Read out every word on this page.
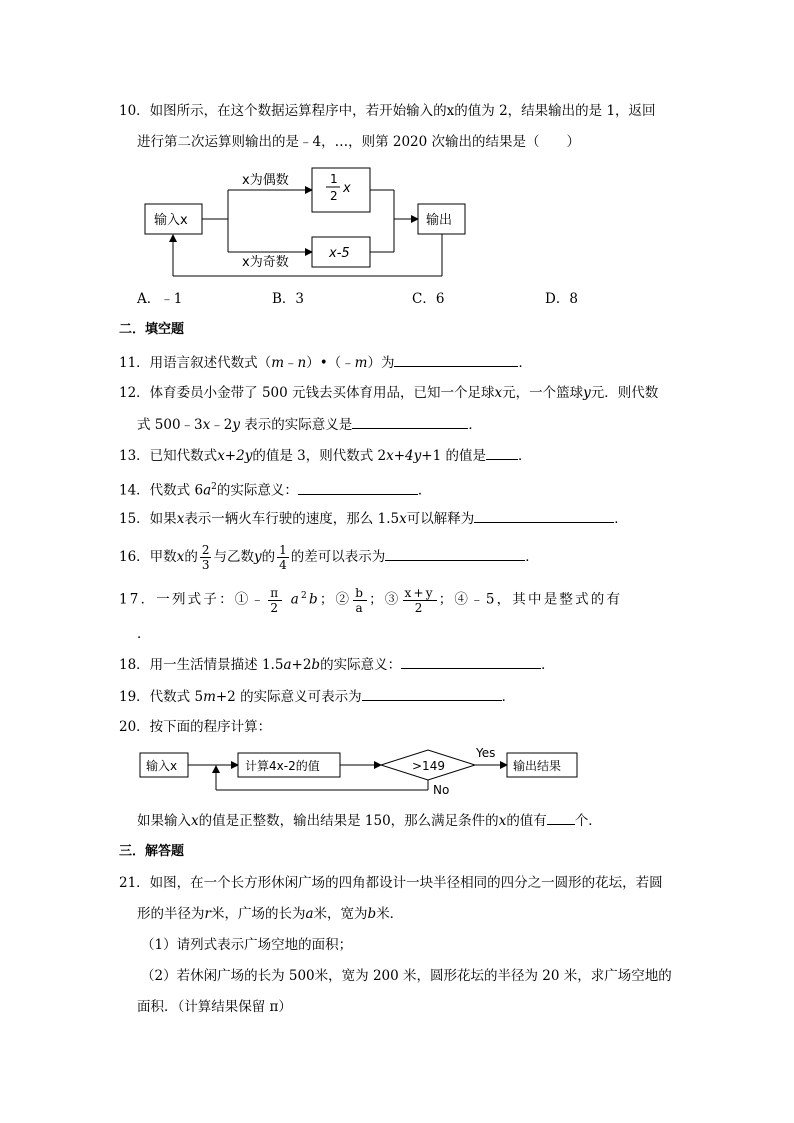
10．如图所示，在这个数据运算程序中，若开始输入的x的值为 2，结果输出的是 1，返回
进行第二次运算则输出的是﹣4，…，则第 2020 次输出的结果是（　　）
输入x
x为偶数
x为奇数
1
2 x
x-5
输出
A．﹣1	B．3	C．6	D．8
二．填空题
11．用语言叙述代数式（m﹣n）•（﹣m）为	．
12．体育委员小金带了 500 元钱去买体育用品，已知一个足球x元，一个篮球y元．则代数
式 500﹣3x﹣2y 表示的实际意义是	．
13．已知代数式x+2y的值是 3，则代数式 2x+4y+1 的值是 ．
14．代数式 $6a^2$的实际意义：	．
15．如果x表示一辆火车行驶的速度，那么 1.5x可以解释为	．
16．甲数x的 $\frac{2}{3}$ 与乙数y的 $\frac{1}{4}$ 的差可以表示为	．
17．一列式子：①﹣ $\frac{\pi}{2} a^2b$；② $\frac{b}{a}$ ；③ $\frac{x+y}{2}$ ；④﹣5，其中是整式的有
．
18．用一生活情景描述 1.5a+2b的实际意义：	．
19．代数式 5m+2 的实际意义可表示为	．
20．按下面的程序计算：
输入x	计算4x-2的值	>149
Yes
输出结果
No
如果输入x的值是正整数，输出结果是 150，那么满足条件的x的值有 个．
三．解答题
21．如图，在一个长方形休闲广场的四角都设计一块半径相同的四分之一圆形的花坛，若圆
形的半径为r米，广场的长为a米，宽为b米．
（1）请列式表示广场空地的面积；
（2）若休闲广场的长为 500米，宽为 200 米，圆形花坛的半径为 20 米，求广场空地的
面积．（计算结果保留 π）
